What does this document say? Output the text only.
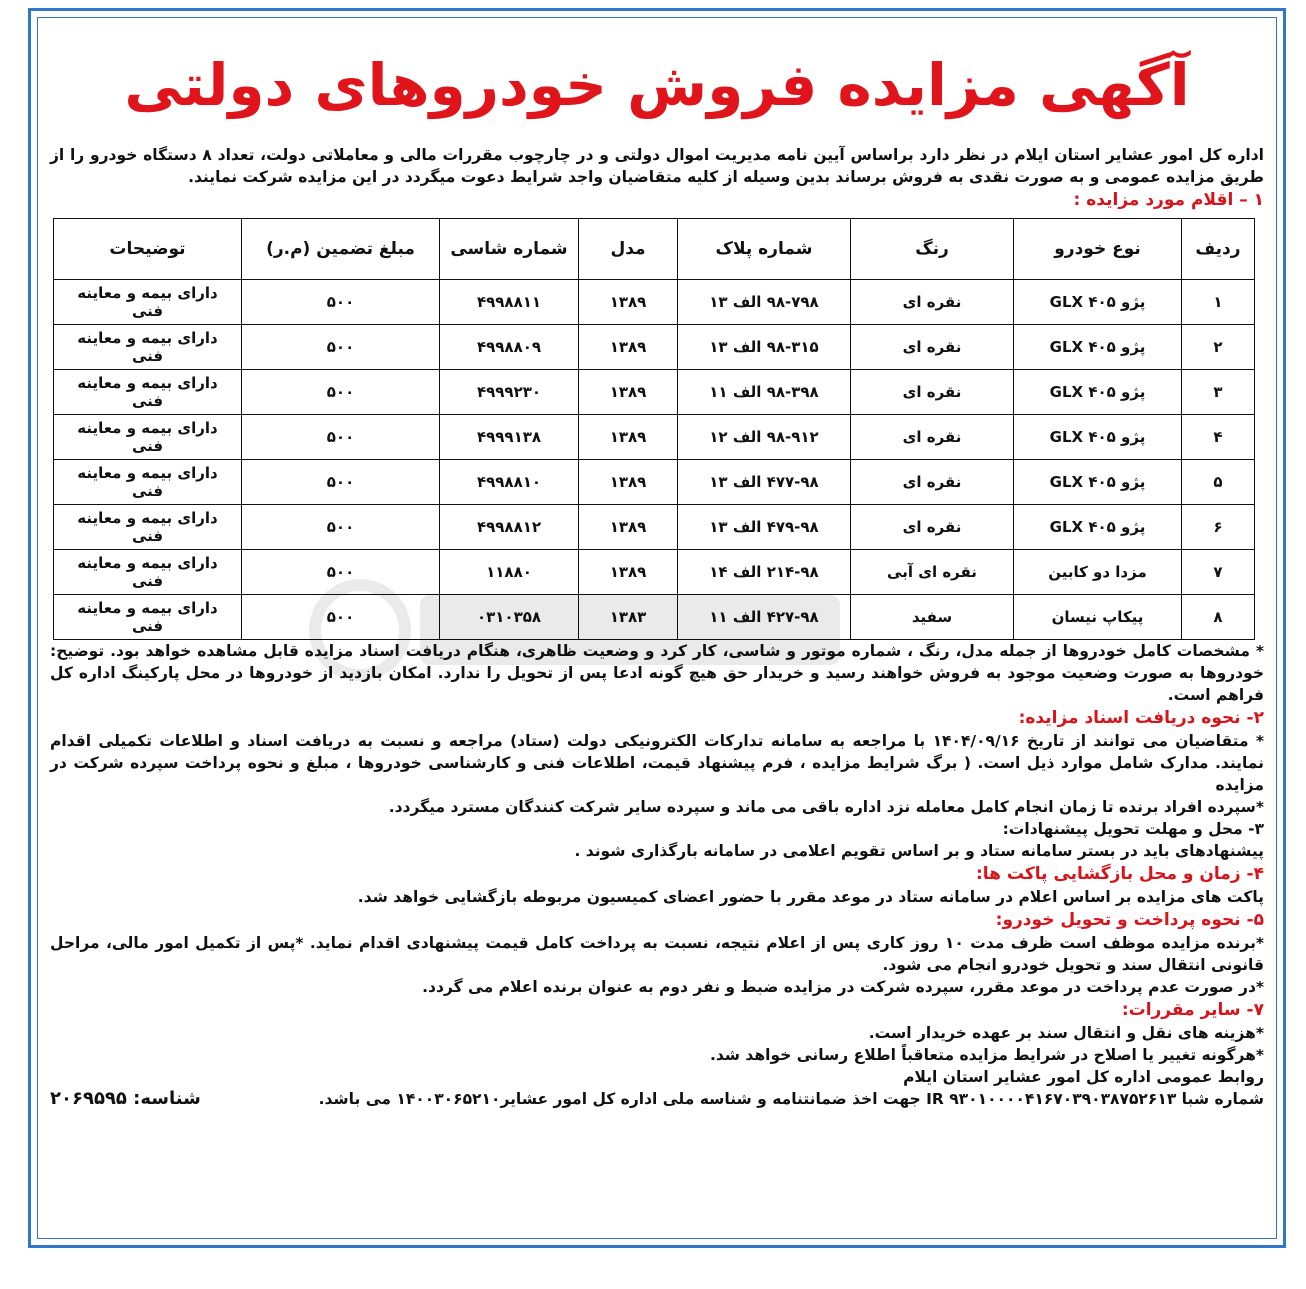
آگهی مزایده فروش خودروهای دولتی

اداره کل امور عشایر استان ایلام در نظر دارد براساس آیین نامه مدیریت اموال دولتی و در چارچوب مقررات مالی و معاملاتی دولت، تعداد ۸ دستگاه خودرو را از طریق مزایده عمومی و به صورت نقدی به فروش برساند بدین وسیله از کلیه متقاضیان واجد شرایط دعوت میگردد در این مزایده شرکت نمایند.

۱ – اقلام مورد مزایده :
ردیف	نوع خودرو	رنگ	شماره پلاک	مدل	شماره شاسی	مبلغ تضمین (م.ر)	توضیحات
۱	پژو ۴۰۵ GLX	نقره ای	۹۸-۷۹۸ الف ۱۳	۱۳۸۹	۴۹۹۸۸۱۱	۵۰۰	دارای بیمه و معاینه فنی
۲	پژو ۴۰۵ GLX	نقره ای	۹۸-۳۱۵ الف ۱۳	۱۳۸۹	۴۹۹۸۸۰۹	۵۰۰	دارای بیمه و معاینه فنی
۳	پژو ۴۰۵ GLX	نقره ای	۹۸-۳۹۸ الف ۱۱	۱۳۸۹	۴۹۹۹۲۳۰	۵۰۰	دارای بیمه و معاینه فنی
۴	پژو ۴۰۵ GLX	نقره ای	۹۸-۹۱۲ الف ۱۲	۱۳۸۹	۴۹۹۹۱۳۸	۵۰۰	دارای بیمه و معاینه فنی
۵	پژو ۴۰۵ GLX	نقره ای	۴۷۷-۹۸ الف ۱۳	۱۳۸۹	۴۹۹۸۸۱۰	۵۰۰	دارای بیمه و معاینه فنی
۶	پژو ۴۰۵ GLX	نقره ای	۴۷۹-۹۸ الف ۱۳	۱۳۸۹	۴۹۹۸۸۱۲	۵۰۰	دارای بیمه و معاینه فنی
۷	مزدا دو کابین	نقره ای آبی	۲۱۴-۹۸ الف ۱۴	۱۳۸۹	۱۱۸۸۰	۵۰۰	دارای بیمه و معاینه فنی
۸	پیکاپ نیسان	سفید	۴۲۷-۹۸ الف ۱۱	۱۳۸۳	۰۳۱۰۳۵۸	۵۰۰	دارای بیمه و معاینه فنی

* مشخصات کامل خودروها از جمله مدل، رنگ ، شماره موتور و شاسی، کار کرد و وضعیت ظاهری، هنگام دریافت اسناد مزایده قابل مشاهده خواهد بود. توضیح: خودروها به صورت وضعیت موجود به فروش خواهند رسید و خریدار حق هیچ گونه ادعا پس از تحویل را ندارد. امکان بازدید از خودروها در محل پارکینگ اداره کل فراهم است.

۲- نحوه دریافت اسناد مزایده:

* متقاضیان می توانند از تاریخ ۱۴۰۴/۰۹/۱۶ با مراجعه به سامانه تدارکات الکترونیکی دولت (ستاد) مراجعه و نسبت به دریافت اسناد و اطلاعات تکمیلی اقدام نمایند. مدارک شامل موارد ذیل است. ( برگ شرایط مزایده ، فرم پیشنهاد قیمت، اطلاعات فنی و کارشناسی خودروها ، مبلغ و نحوه پرداخت سپرده شرکت در مزایده

*سپرده افراد برنده تا زمان انجام کامل معامله نزد اداره باقی می ماند و سپرده سایر شرکت کنندگان مسترد میگردد.

۳- محل و مهلت تحویل پیشنهادات:

پیشنهادهای باید در بستر سامانه ستاد و بر اساس تقویم اعلامی در سامانه بارگذاری شوند .

۴- زمان و محل بازگشایی پاکت ها:

پاکت های مزایده بر اساس اعلام در سامانه ستاد در موعد مقرر با حضور اعضای کمیسیون مربوطه بازگشایی خواهد شد.

۵- نحوه پرداخت و تحویل خودرو:

*برنده مزایده موظف است ظرف مدت ۱۰ روز کاری پس از اعلام نتیجه، نسبت به پرداخت کامل قیمت پیشنهادی اقدام نماید. *پس از تکمیل امور مالی، مراحل قانونی انتقال سند و تحویل خودرو انجام می شود.

*در صورت عدم پرداخت در موعد مقرر، سپرده شرکت در مزایده ضبط و نفر دوم به عنوان برنده اعلام می گردد.

۷- سایر مقررات:

*هزینه های نقل و انتقال سند بر عهده خریدار است.

*هرگونه تغییر یا اصلاح در شرایط مزایده متعاقباً اطلاع رسانی خواهد شد.

روابط عمومی اداره کل امور عشایر استان ایلام

شماره شبا IR ۹۳۰۱۰۰۰۰۴۱۶۷۰۳۹۰۳۸۷۵۲۶۱۳ جهت اخذ ضمانتنامه و شناسه ملی اداره کل امور عشایر۱۴۰۰۳۰۶۵۲۱۰ می باشد.

شناسه: ۲۰۶۹۵۹۵
